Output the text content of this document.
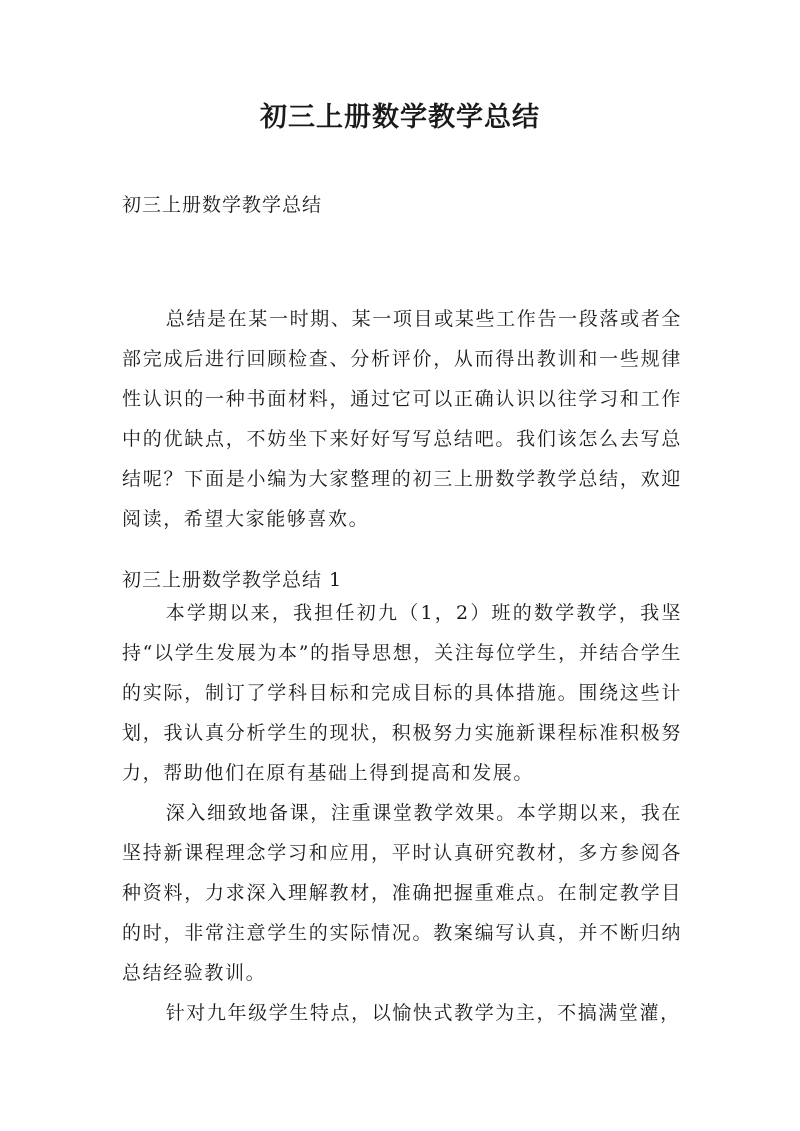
初三上册数学教学总结

初三上册数学教学总结

总结是在某一时期、某一项目或某些工作告一段落或者全部完成后进行回顾检查、分析评价，从而得出教训和一些规律性认识的一种书面材料，通过它可以正确认识以往学习和工作中的优缺点，不妨坐下来好好写写总结吧。我们该怎么去写总结呢？下面是小编为大家整理的初三上册数学教学总结，欢迎阅读，希望大家能够喜欢。

初三上册数学教学总结 1

本学期以来，我担任初九（1，2）班的数学教学，我坚持“以学生发展为本”的指导思想，关注每位学生，并结合学生的实际，制订了学科目标和完成目标的具体措施。围绕这些计划，我认真分析学生的现状，积极努力实施新课程标准积极努力，帮助他们在原有基础上得到提高和发展。

深入细致地备课，注重课堂教学效果。本学期以来，我在坚持新课程理念学习和应用，平时认真研究教材，多方参阅各种资料，力求深入理解教材，准确把握重难点。在制定教学目的时，非常注意学生的实际情况。教案编写认真，并不断归纳总结经验教训。

针对九年级学生特点，以愉快式教学为主，不搞满堂灌，
